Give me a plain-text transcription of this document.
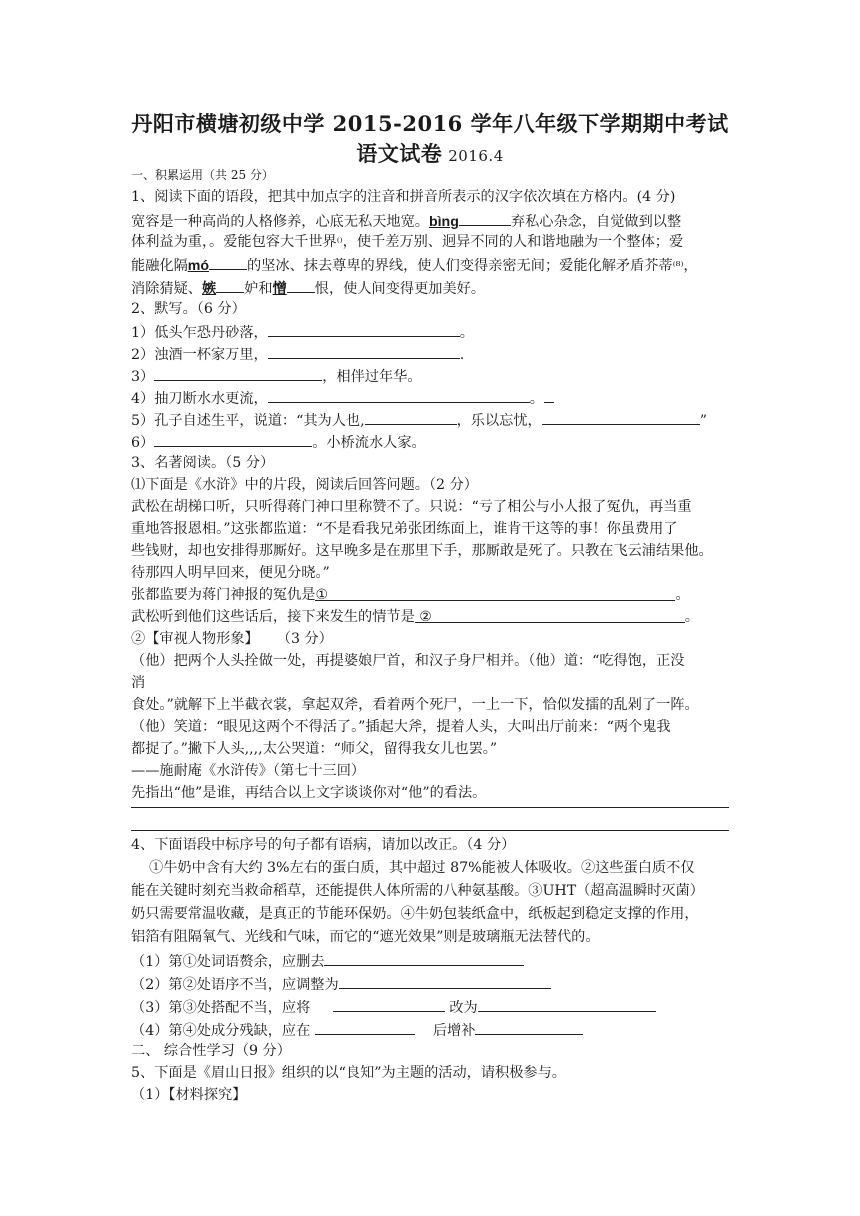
丹阳市横塘初级中学 2015-2016 学年八年级下学期期中考试
语文试卷 2016.4
一、积累运用（共 25 分）
1、阅读下面的语段，把其中加点字的注音和拼音所表示的汉字依次填在方格内。(4 分)
宽容是一种高尚的人格修养，心底无私天地宽。bìng	弃私心杂念，自觉做到以整
体利益为重，。爱能包容大千世界⁽⁾，使千差万别、迥异不同的人和谐地融为一个整体；爱
能融化隔mó	的坚冰、抹去尊卑的界线，使人们变得亲密无间；爱能化解矛盾芥蒂⁽⁸⁾，
消除猜疑、嫉 妒和憎 恨，使人间变得更加美好。
2、默写。（6 分）
1）低头乍恐丹砂落，	。
2）浊酒一杯家万里，	.
3）	，相伴过年华。
4）抽刀断水水更流，	。
5）孔子自述生平，说道：“其为人也,	，乐以忘忧，	”
6）	。小桥流水人家。
3、名著阅读。（5 分）
⑴下面是《水浒》中的片段，阅读后回答问题。（2 分）
武松在胡梯口听，只听得蒋门神口里称赞不了。只说：“亏了相公与小人报了冤仇，再当重
重地答报恩相。”这张都监道：“不是看我兄弟张团练面上，谁肯干这等的事！你虽费用了
些钱财，却也安排得那厮好。这早晚多是在那里下手，那厮敢是死了。只教在飞云浦结果他。
待那四人明早回来，便见分晓。”
张都监要为蒋门神报的冤仇是①	。
武松听到他们这些话后，接下来发生的情节是 ②	。
②【审视人物形象】 （3 分）
（他）把两个人头拴做一处，再提婆娘尸首，和汉子身尸相并。（他）道：“吃得饱，正没
消
食处。”就解下上半截衣裳，拿起双斧，看着两个死尸，一上一下，恰似发擂的乱剁了一阵。
（他）笑道：“眼见这两个不得活了。”插起大斧，提着人头，大叫出厅前来：“两个鬼我
都捉了。”撇下人头,,,,太公哭道：“师父，留得我女儿也罢。”
——施耐庵《水浒传》（第七十三回）
先指出“他”是谁，再结合以上文字谈谈你对“他”的看法。
4、下面语段中标序号的句子都有语病，请加以改正。（4 分）
①牛奶中含有大约 3%左右的蛋白质，其中超过 87%能被人体吸收。②这些蛋白质不仅
能在关键时刻充当救命稻草，还能提供人体所需的八种氨基酸。③UHT（超高温瞬时灭菌）
奶只需要常温收藏，是真正的节能环保奶。④牛奶包装纸盒中，纸板起到稳定支撑的作用，
铝箔有阻隔氧气、光线和气味，而它的“遮光效果”则是玻璃瓶无法替代的。
（1）第①处词语赘余，应删去
（2）第②处语序不当，应调整为
（3）第③处搭配不当，应将	改为
（4）第④处成分残缺，应在	后增补
二、 综合性学习（9 分）
5、下面是《眉山日报》组织的以“良知”为主题的活动，请积极参与。
（1）【材料探究】
